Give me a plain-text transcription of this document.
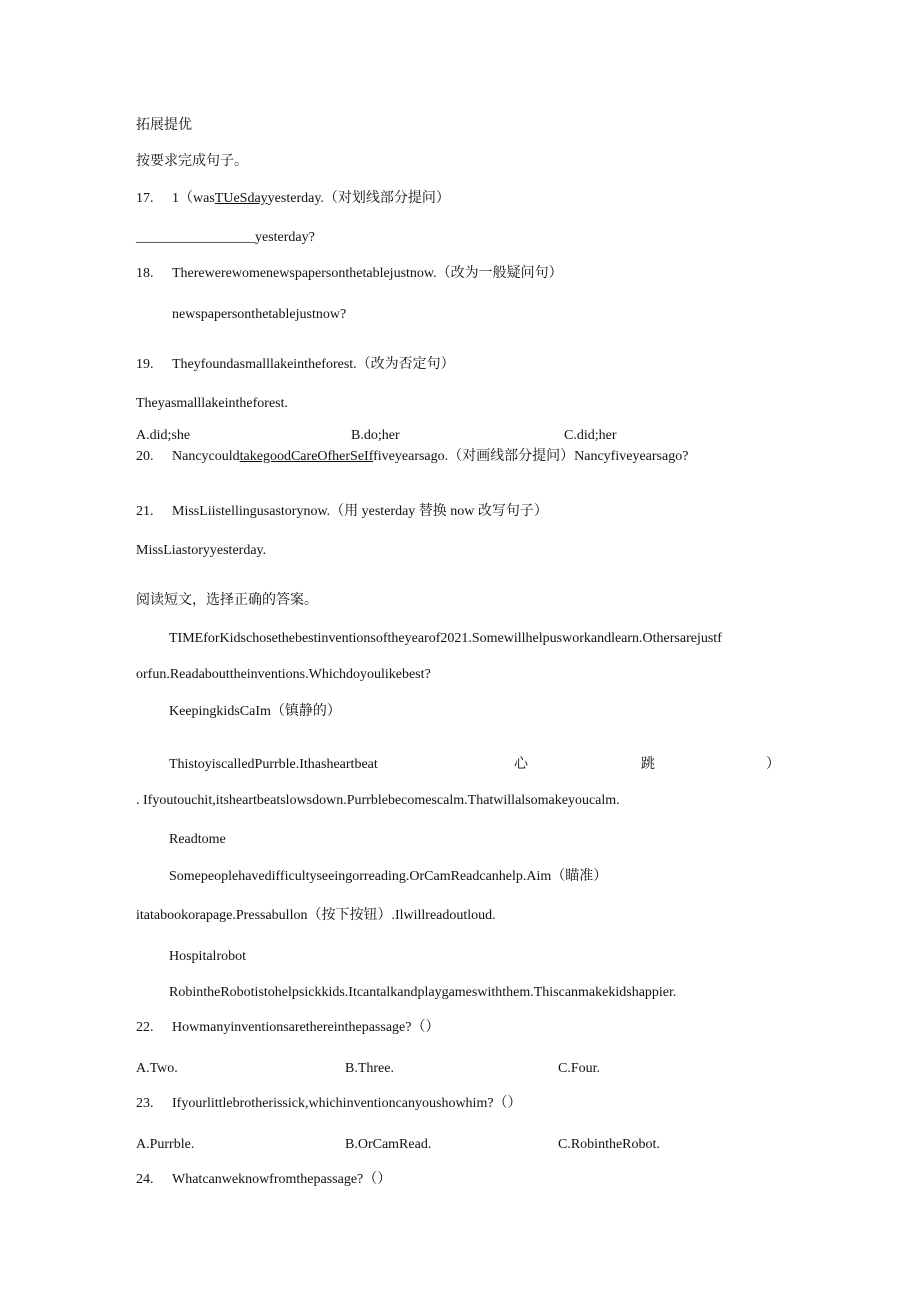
拓展提优
按要求完成句子。
17. 1（wasTUeSdayyesterday.（对划线部分提问）
_________________yesterday?
18. Therewerewomenewspapersonthetablejustnow.（改为一般疑问句）
newspapersonthetablejustnow?
19. Theyfoundasmalllakeintheforest.（改为否定句）
Theyasmalllakeintheforest.
A.did;she	B.do;her	C.did;her
20. NancycouldtakegoodCareOfherSeIffiveyearsago.（对画线部分提问）Nancyfiveyearsago?
21. MissLiistellingusastorynow.（用 yesterday 替换 now 改写句子）
MissLiastoryyesterday.
阅读短文，选择正确的答案。
TIMEforKidschosethebestinventionsoftheyearof2021.Somewillhelpusworkandlearn.Othersarejustf
orfun.Readabouttheinventions.Whichdoyoulikebest?
KeepingkidsCaIm（镇静的）
ThistoyiscalledPurrble.Ithasheartbeat	心	跳	）
. Ifyoutouchit,itsheartbeatslowsdown.Purrblebecomescalm.Thatwillalsomakeyoucalm.
Readtome
Somepeoplehavedifficultyseeingorreading.OrCamReadcanhelp.Aim（瞄准）
itatabookorapage.Pressabullon（按下按钮）.Ilwillreadoutloud.
Hospitalrobot
RobintheRobotistohelpsickkids.Itcantalkandplaygameswiththem.Thiscanmakekidshappier.
22. Howmanyinventionsarethereinthepassage?（）
A.Two.	B.Three.	C.Four.
23. Ifyourlittlebrotherissick,whichinventioncanyoushowhim?（）
A.Purrble.	B.OrCamRead.	C.RobintheRobot.
24. Whatcanweknowfromthepassage?（）
